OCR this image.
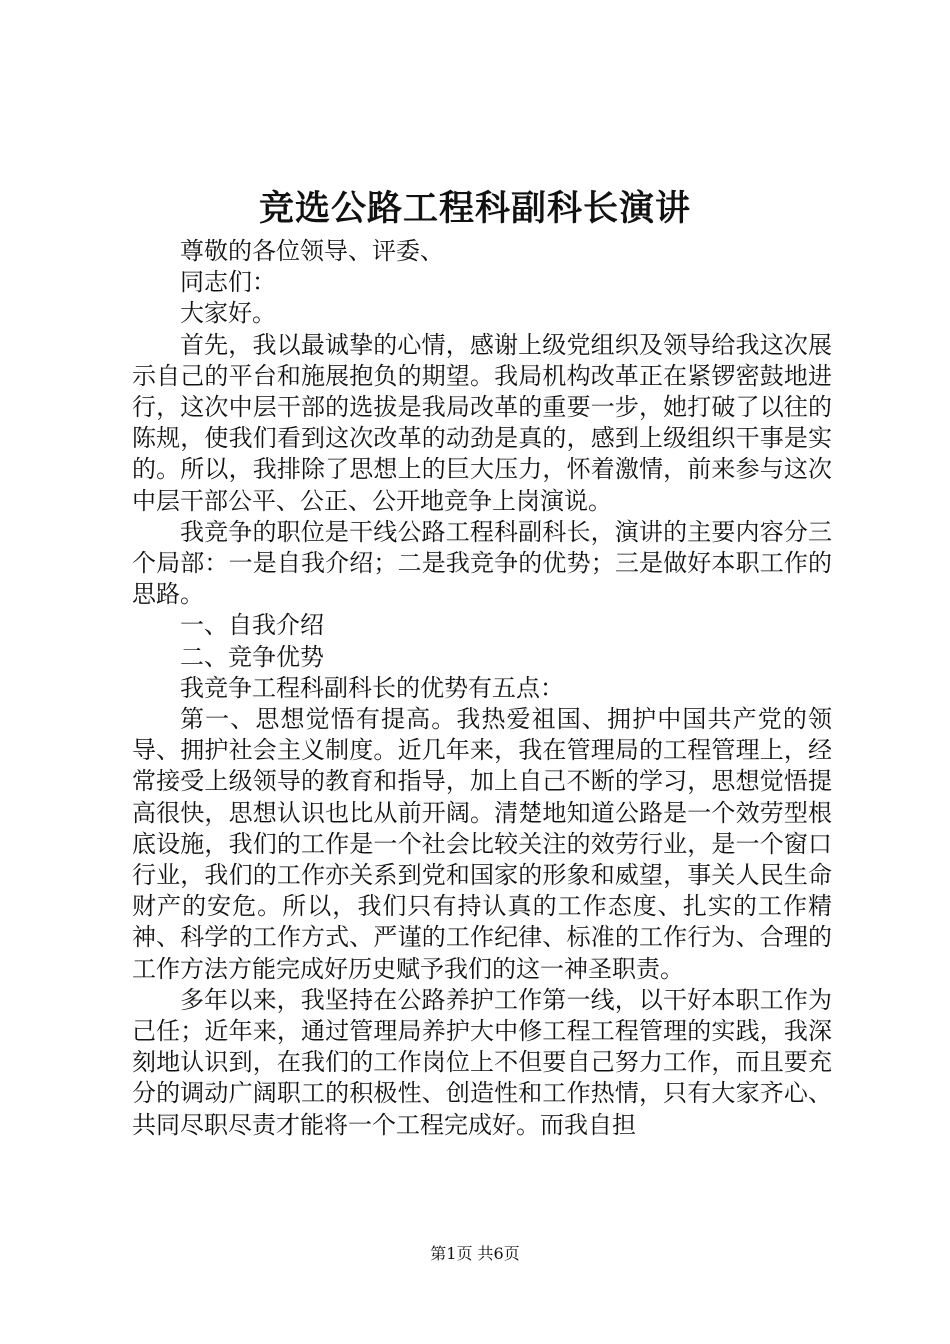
竞选公路工程科副科长演讲

尊敬的各位领导、评委、

同志们：

大家好。

首先，我以最诚挚的心情，感谢上级党组织及领导给我这次展示自己的平台和施展抱负的期望。我局机构改革正在紧锣密鼓地进行，这次中层干部的选拔是我局改革的重要一步，她打破了以往的陈规，使我们看到这次改革的动劲是真的，感到上级组织干事是实的。所以，我排除了思想上的巨大压力，怀着激情，前来参与这次中层干部公平、公正、公开地竞争上岗演说。

我竞争的职位是干线公路工程科副科长，演讲的主要内容分三个局部：一是自我介绍；二是我竞争的优势；三是做好本职工作的思路。

一、自我介绍

二、竞争优势

我竞争工程科副科长的优势有五点：

第一、思想觉悟有提高。我热爱祖国、拥护中国共产党的领导、拥护社会主义制度。近几年来，我在管理局的工程管理上，经常接受上级领导的教育和指导，加上自己不断的学习，思想觉悟提高很快，思想认识也比从前开阔。清楚地知道公路是一个效劳型根底设施，我们的工作是一个社会比较关注的效劳行业，是一个窗口行业，我们的工作亦关系到党和国家的形象和威望，事关人民生命财产的安危。所以，我们只有持认真的工作态度、扎实的工作精神、科学的工作方式、严谨的工作纪律、标准的工作行为、合理的工作方法方能完成好历史赋予我们的这一神圣职责。

多年以来，我坚持在公路养护工作第一线，以干好本职工作为己任；近年来，通过管理局养护大中修工程工程管理的实践，我深刻地认识到，在我们的工作岗位上不但要自己努力工作，而且要充分的调动广阔职工的积极性、创造性和工作热情，只有大家齐心、共同尽职尽责才能将一个工程完成好。而我自担

第1页 共6页
